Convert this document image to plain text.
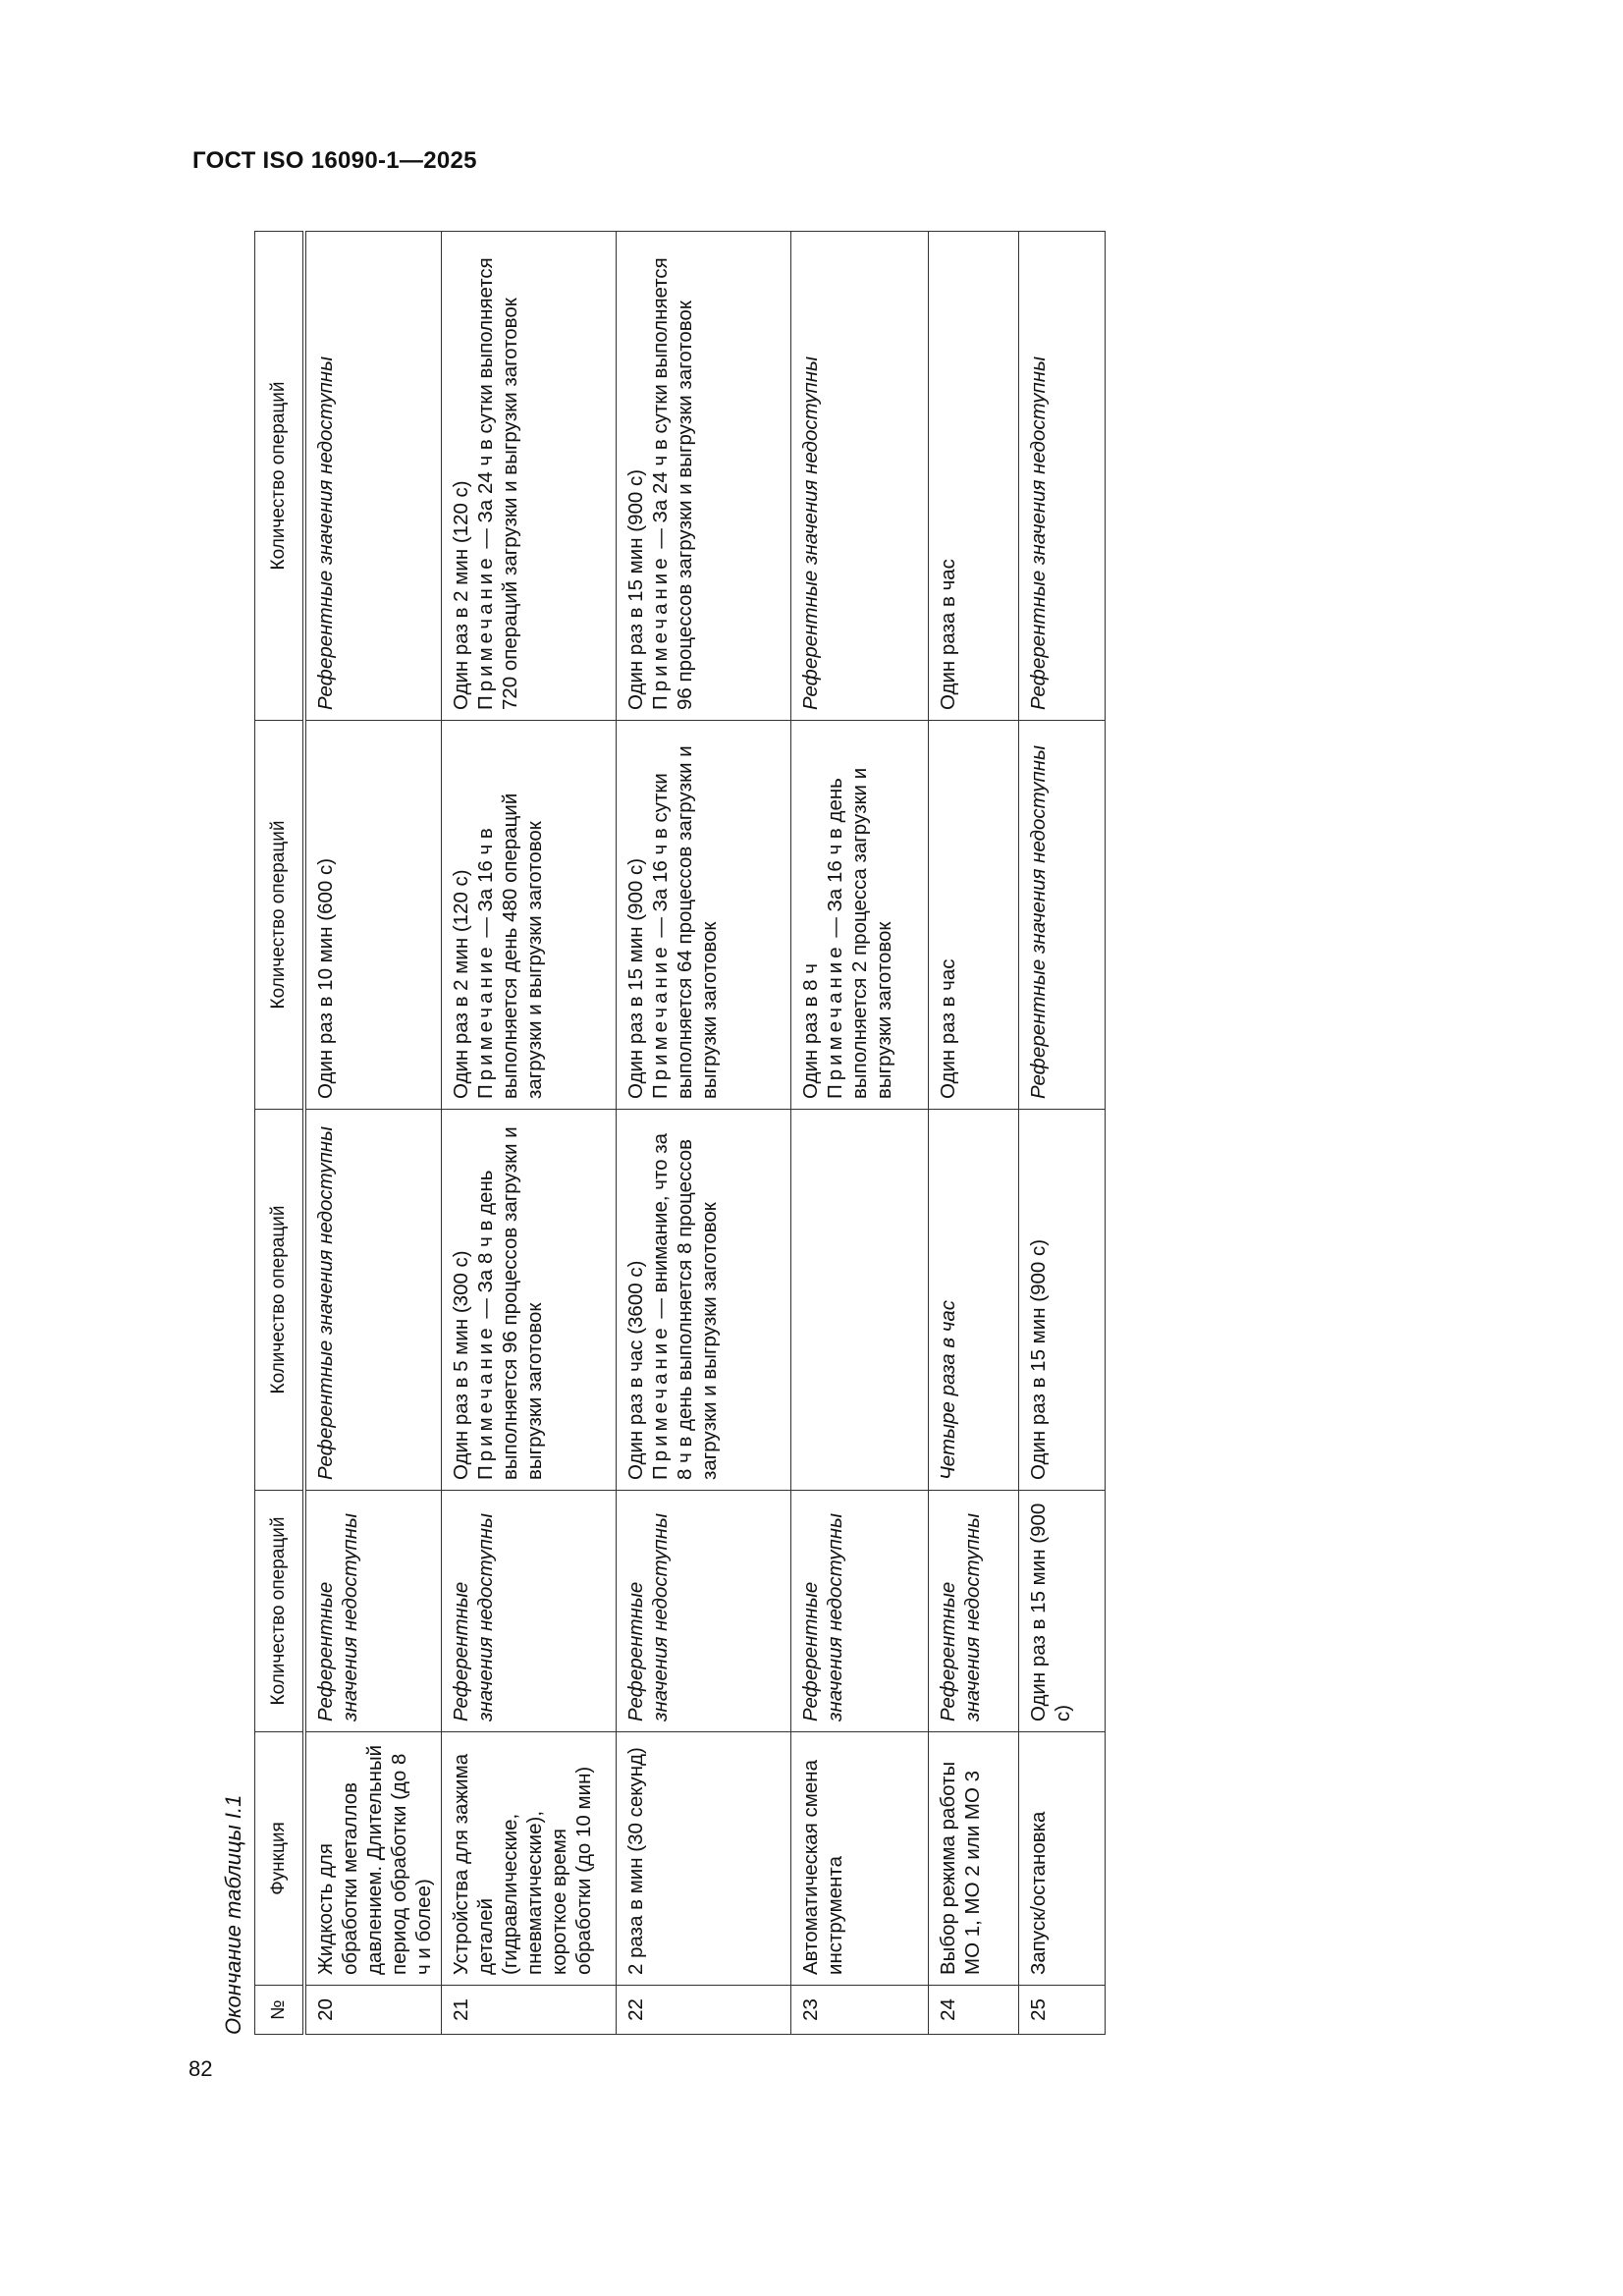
ГОСТ ISO 16090-1—2025
Окончание таблицы I.1 №	Функция	Количество операций	Количество операций	Количество операций	Количество операций
20	Жидкость для обработки металлов давлением. Длительный период обработки (до 8 ч и более)	Референтные значения недоступны	Референтные значения недоступны	Один раз в 10 мин (600 с)	Референтные значения недоступны

21	Устройства для зажима деталей (гидравлические, пневматические), короткое время обработки (до 10 мин)	Референтные значения недоступны	Один раз в 5 мин (300 с) Примечание — За 8 ч в день выполняется 96 процессов загрузки и выгрузки заготовок	Один раз в 2 мин (120 с) Примечание — За 16 ч в выполняется день 480 операций загрузки и выгрузки заготовок	Один раз в 2 мин (120 с) Примечание — За 24 ч в сутки выполняется 720 операций загрузки и выгрузки заготовок
22	2 раза в мин (30 секунд)	Референтные значения недоступны	Один раз в час (3600 с) Примечание — внимание, что за 8 ч в день выполняется 8 процессов загрузки и выгрузки заготовок	Один раз в 15 мин (900 с) Примечание — За 16 ч в сутки выполняется 64 процессов загрузки и выгрузки заготовок	Один раз в 15 мин (900 с) Примечание — За 24 ч в сутки выполняется 96 процессов загрузки и выгрузки заготовок
23	Автоматическая смена инструмента	Референтные значения недоступны		Один раз в 8 ч Примечание — За 16 ч в день выполняется 2 процесса загрузки и выгрузки заготовок	Референтные значения недоступны

24	Выбор режима работы МО 1, МО 2 или МО 3	Референтные значения недоступны	Четыре раза в час	Один раз в час	Один раза в час

25	Запуск/остановка	Один раз в 15 мин (900 с)	Один раз в 15 мин (900 с)	Референтные значения недоступны	Референтные значения недоступны
82
